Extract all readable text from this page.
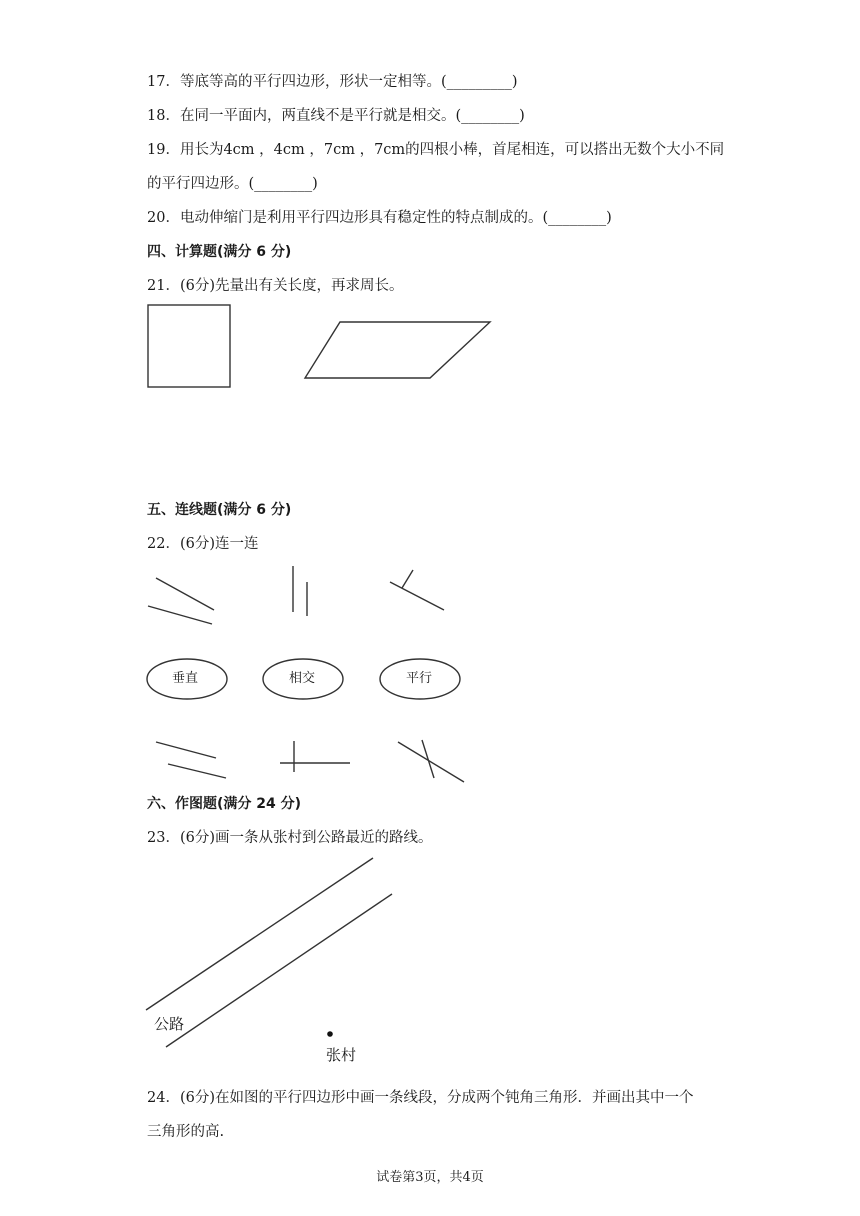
17．等底等高的平行四边形，形状一定相等。(_________)
18．在同一平面内，两直线不是平行就是相交。(________)
19．用长为4cm ，4cm ，7cm ，7cm的四根小棒，首尾相连，可以搭出无数个大小不同
的平行四边形。(________)
20．电动伸缩门是利用平行四边形具有稳定性的特点制成的。(________)
四、计算题(满分 6 分)
21．(6分)先量出有关长度，再求周长。
五、连线题(满分 6 分)
22．(6分)连一连
垂直	相交	平行
六、作图题(满分 24 分)
23．(6分)画一条从张村到公路最近的路线。
公路
张村
24．(6分)在如图的平行四边形中画一条线段，分成两个钝角三角形．并画出其中一个
三角形的高.
试卷第3页，共4页
